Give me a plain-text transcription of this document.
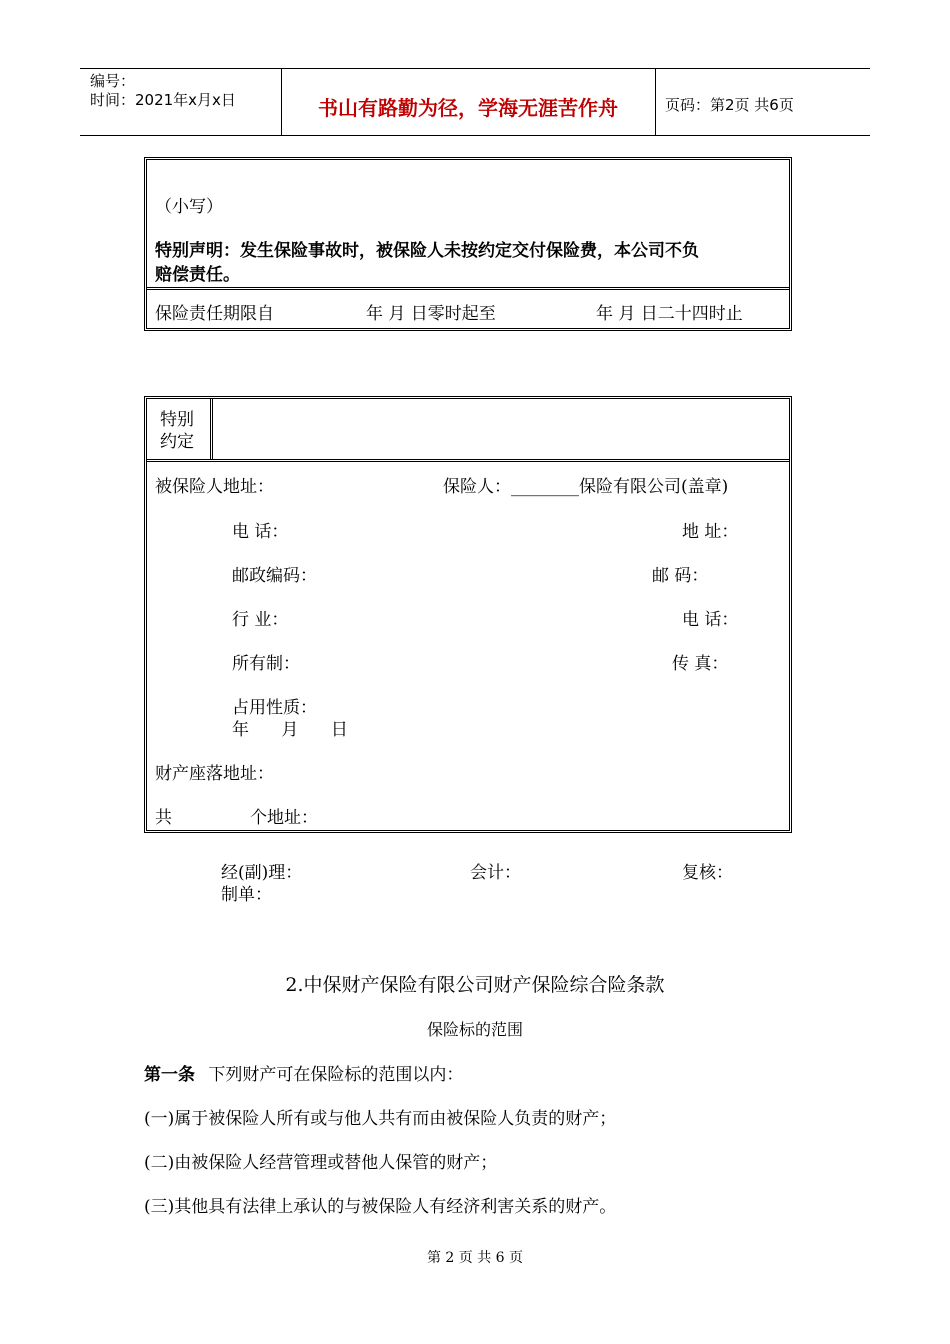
编号：
时间：2021年x月x日	书山有路勤为径，学海无涯苦作舟	页码：第2页 共6页
（小写）
特别声明：发生保险事故时，被保险人未按约定交付保险费，本公司不负
赔偿责任。
保险责任期限自	年 月 日零时起至	年 月 日二十四时止
特别
约定
被保险人地址：	保险人：________保险有限公司(盖章)
电 话：	地 址：
邮政编码：	邮 码：
行 业：	电 话：
所有制：	传 真：
占用性质：
年      月      日
财产座落地址：
共	个地址：
经(副)理：	会计：	复核：
制单：
2.中保财产保险有限公司财产保险综合险条款
保险标的范围
第一条 下列财产可在保险标的范围以内：
(一)属于被保险人所有或与他人共有而由被保险人负责的财产；
(二)由被保险人经营管理或替他人保管的财产；
(三)其他具有法律上承认的与被保险人有经济利害关系的财产。
第 2 页 共 6 页
